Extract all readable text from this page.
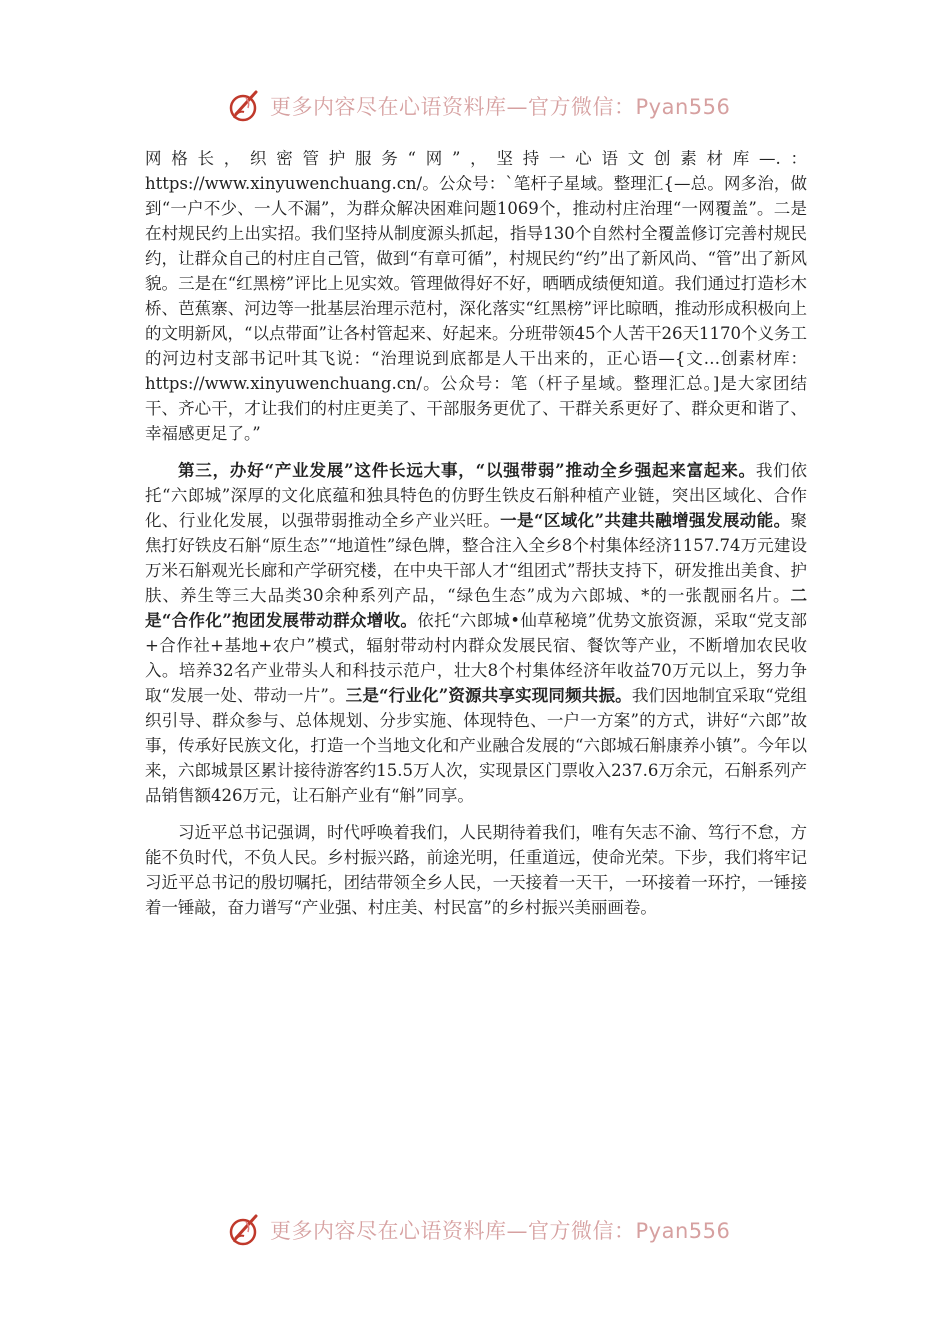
更多内容尽在心语资料库—官方微信：Pyan556

网格长，织密管护服务“网”，坚持一心语文创素材库—.：https://www.xinyuwenchuang.cn/。公众号：`笔杆子星域。整理汇{—总。网多治，做到“一户不少、一人不漏”，为群众解决困难问题1069个，推动村庄治理“一网覆盖”。二是在村规民约上出实招。我们坚持从制度源头抓起，指导130个自然村全覆盖修订完善村规民约，让群众自己的村庄自己管，做到“有章可循”，村规民约“约”出了新风尚、“管”出了新风貌。三是在“红黑榜”评比上见实效。管理做得好不好，晒晒成绩便知道。我们通过打造杉木桥、芭蕉寨、河边等一批基层治理示范村，深化落实“红黑榜”评比晾晒，推动形成积极向上的文明新风，“以点带面”让各村管起来、好起来。分班带领45个人苦干26天1170个义务工的河边村支部书记叶其飞说：“治理说到底都是人干出来的，正心语—{文…创素材库：https://www.xinyuwenchuang.cn/。公众号：笔（杆子星域。整理汇总。]是大家团结干、齐心干，才让我们的村庄更美了、干部服务更优了、干群关系更好了、群众更和谐了、幸福感更足了。”

第三，办好“产业发展”这件长远大事，“以强带弱”推动全乡强起来富起来。我们依托“六郎城”深厚的文化底蕴和独具特色的仿野生铁皮石斛种植产业链，突出区域化、合作化、行业化发展，以强带弱推动全乡产业兴旺。一是“区域化”共建共融增强发展动能。聚焦打好铁皮石斛“原生态”“地道性”绿色牌，整合注入全乡8个村集体经济1157.74万元建设万米石斛观光长廊和产学研究楼，在中央干部人才“组团式”帮扶支持下，研发推出美食、护肤、养生等三大品类30余种系列产品，“绿色生态”成为六郎城、*的一张靓丽名片。二是“合作化”抱团发展带动群众增收。依托“六郎城•仙草秘境”优势文旅资源，采取“党支部+合作社+基地+农户”模式，辐射带动村内群众发展民宿、餐饮等产业，不断增加农民收入。培养32名产业带头人和科技示范户，壮大8个村集体经济年收益70万元以上，努力争取“发展一处、带动一片”。三是“行业化”资源共享实现同频共振。我们因地制宜采取“党组织引导、群众参与、总体规划、分步实施、体现特色、一户一方案”的方式，讲好“六郎”故事，传承好民族文化，打造一个当地文化和产业融合发展的“六郎城石斛康养小镇”。今年以来，六郎城景区累计接待游客约15.5万人次，实现景区门票收入237.6万余元，石斛系列产品销售额426万元，让石斛产业有“斛”同享。

习近平总书记强调，时代呼唤着我们，人民期待着我们，唯有矢志不渝、笃行不怠，方能不负时代，不负人民。乡村振兴路，前途光明，任重道远，使命光荣。下步，我们将牢记习近平总书记的殷切嘱托，团结带领全乡人民，一天接着一天干，一环接着一环拧，一锤接着一锤敲，奋力谱写“产业强、村庄美、村民富”的乡村振兴美丽画卷。

更多内容尽在心语资料库—官方微信：Pyan556
